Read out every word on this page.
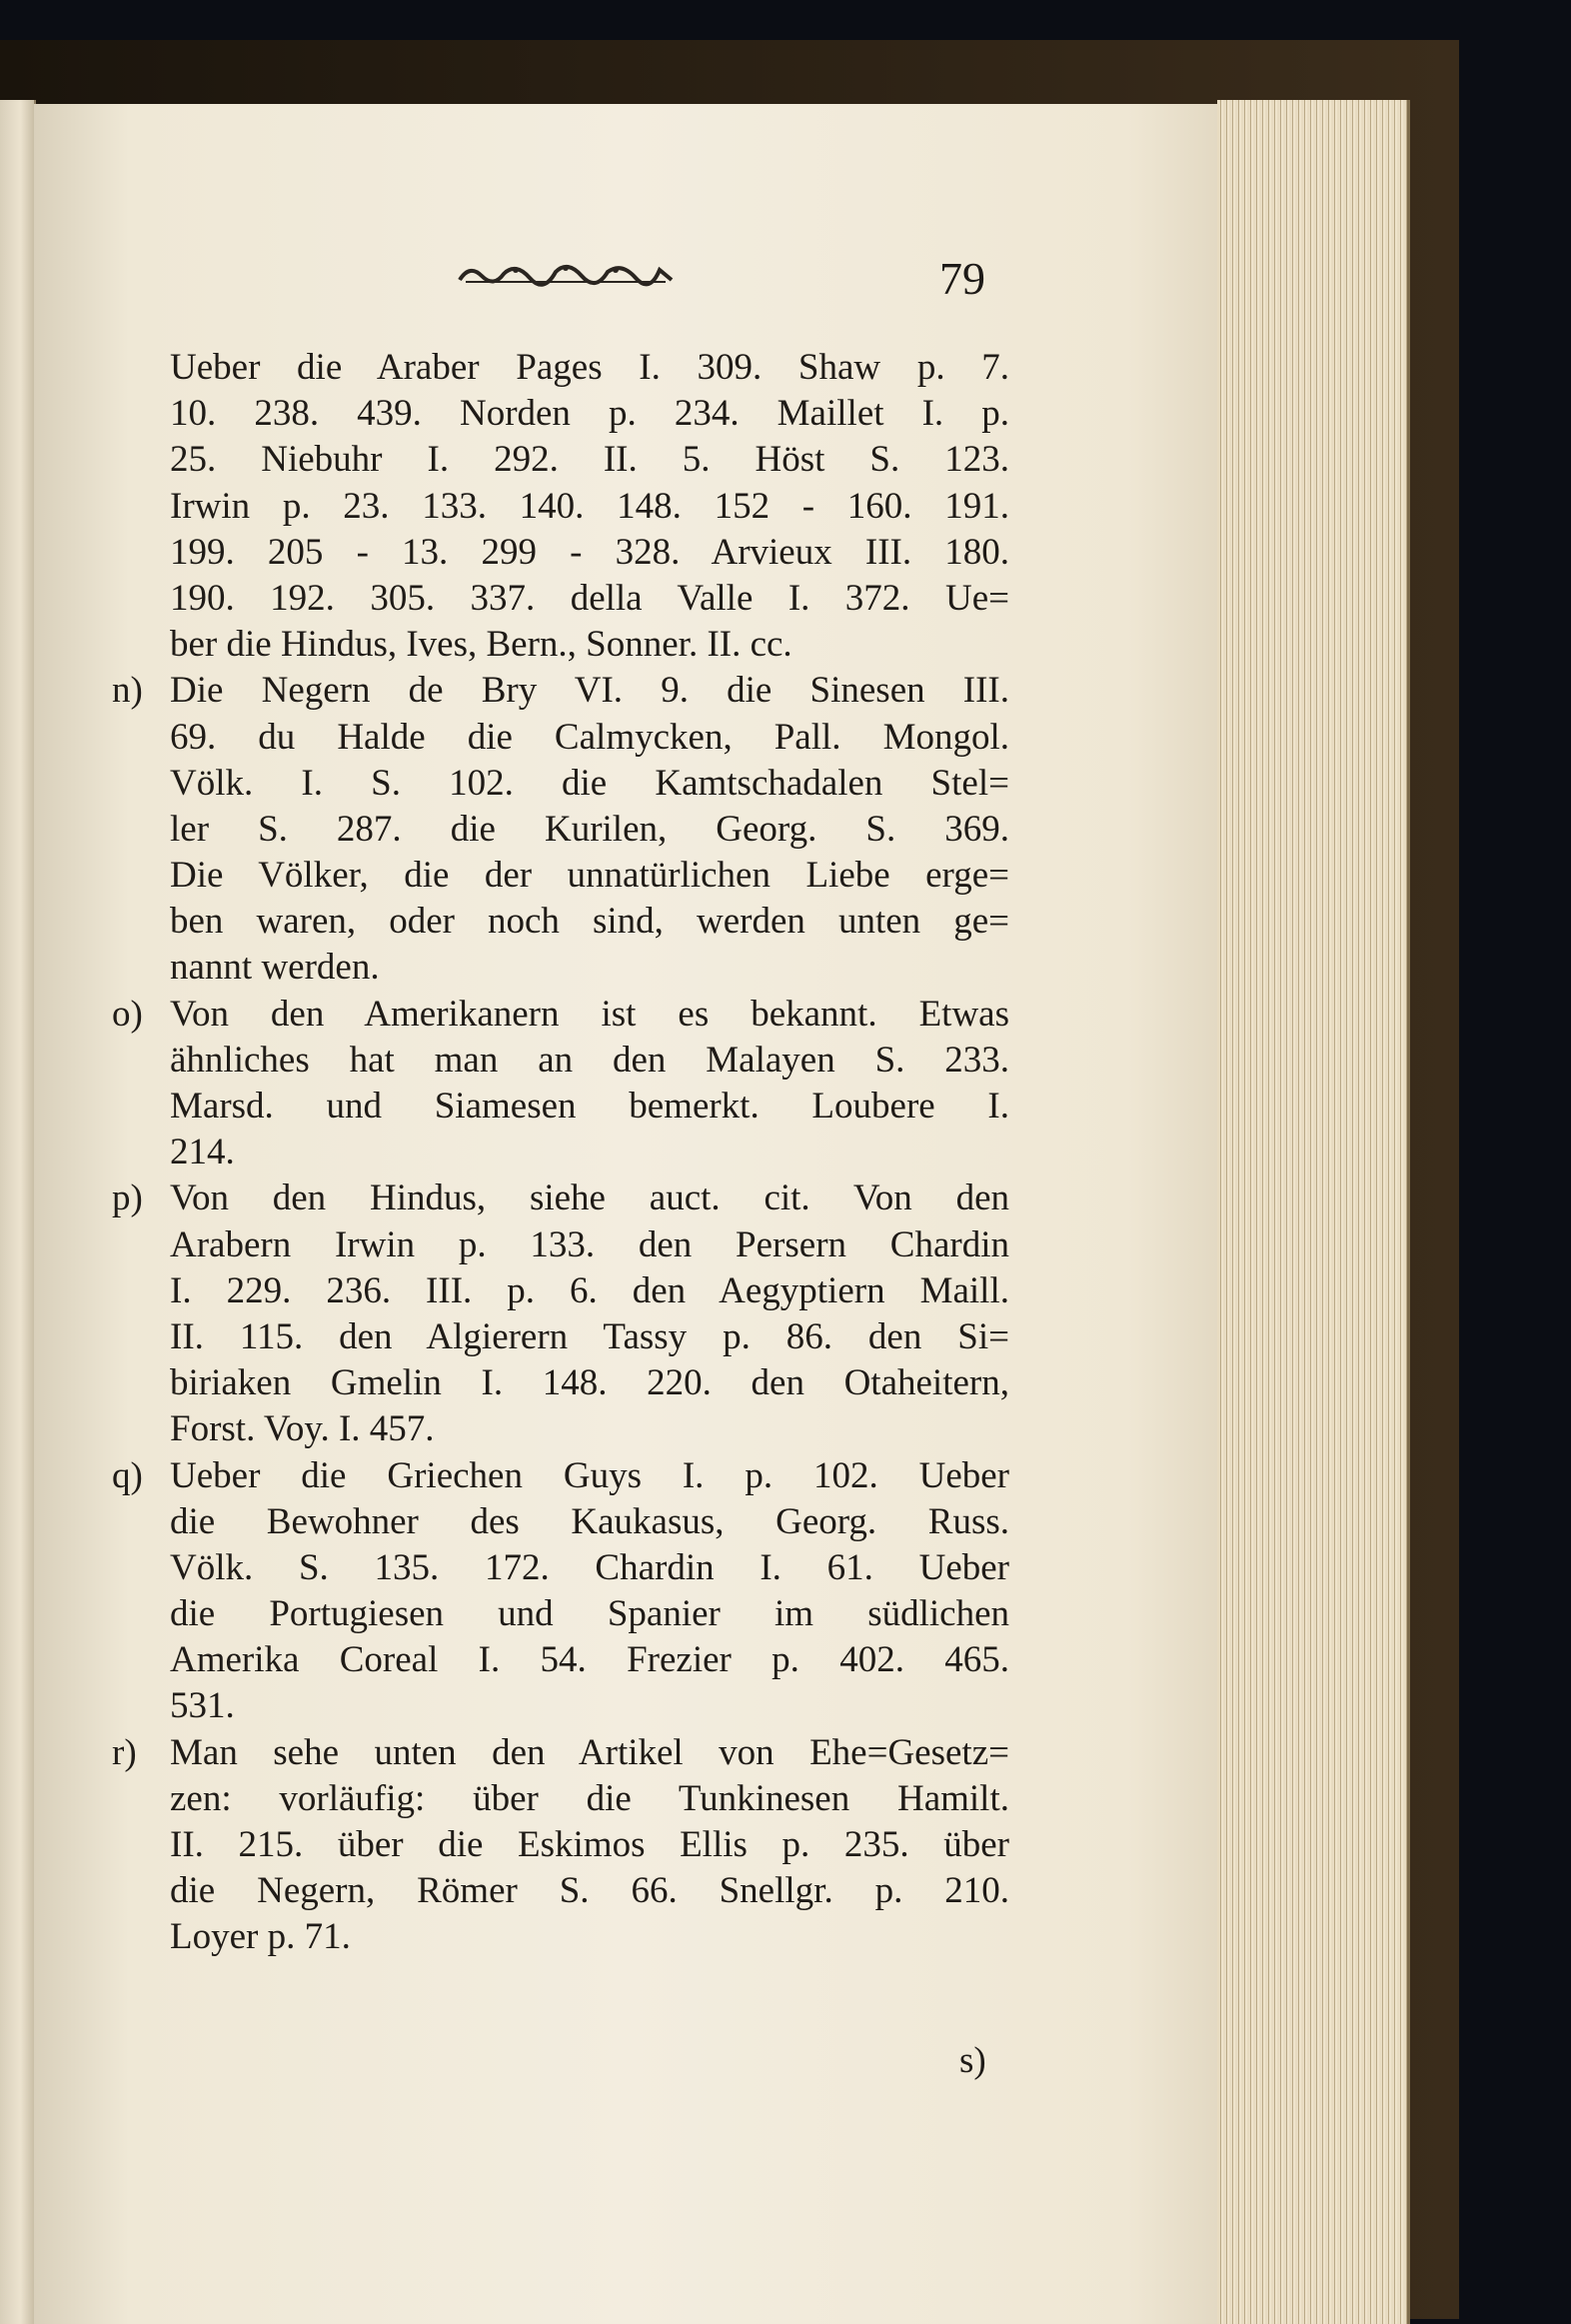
79
Ueber die Araber Pages I. 309. Shaw p. 7.
10. 238. 439. Norden p. 234. Maillet I. p.
25. Niebuhr I. 292. II. 5. Höst S. 123.
Irwin p. 23. 133. 140. 148. 152 - 160. 191.
199. 205 - 13. 299 - 328. Arvieux III. 180.
190. 192. 305. 337. della Valle I. 372. Ue=
ber die Hindus, Ives, Bern., Sonner. II. cc.
n) Die Negern de Bry VI. 9. die Sinesen III.
69. du Halde die Calmycken, Pall. Mongol.
Völk. I. S. 102. die Kamtschadalen Stel=
ler S. 287. die Kurilen, Georg. S. 369.
Die Völker, die der unnatürlichen Liebe erge=
ben waren, oder noch sind, werden unten ge=
nannt werden.
o) Von den Amerikanern ist es bekannt. Etwas
ähnliches hat man an den Malayen S. 233.
Marsd. und Siamesen bemerkt. Loubere I.
214.
p) Von den Hindus, siehe auct. cit. Von den
Arabern Irwin p. 133. den Persern Chardin
I. 229. 236. III. p. 6. den Aegyptiern Maill.
II. 115. den Algierern Tassy p. 86. den Si=
biriaken Gmelin I. 148. 220. den Otaheitern,
Forst. Voy. I. 457.
q) Ueber die Griechen Guys I. p. 102. Ueber
die Bewohner des Kaukasus, Georg. Russ.
Völk. S. 135. 172. Chardin I. 61. Ueber
die Portugiesen und Spanier im südlichen
Amerika Coreal I. 54. Frezier p. 402. 465.
531.
r) Man sehe unten den Artikel von Ehe=Gesetz=
zen: vorläufig: über die Tunkinesen Hamilt.
II. 215. über die Eskimos Ellis p. 235. über
die Negern, Römer S. 66. Snellgr. p. 210.
Loyer p. 71.
s)
